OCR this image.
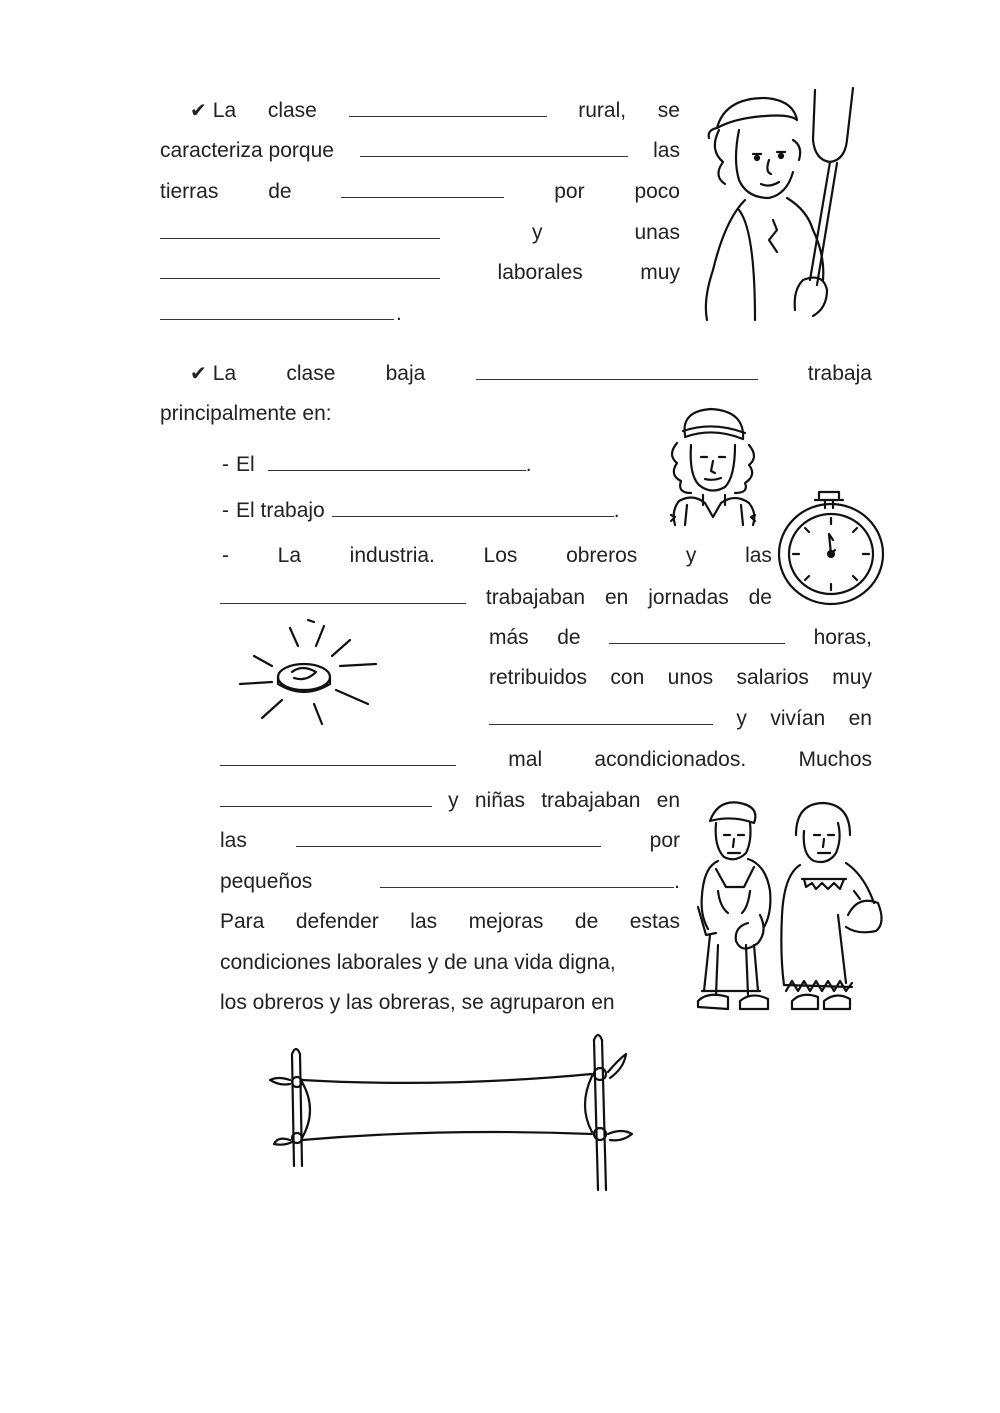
✔ La clase	rural, se
caracteriza porque	las
tierras de	por poco
y	unas
laborales	muy
.
✔ La clase baja	trabaja
principalmente en:
- El	.
- El trabajo	.
- La industria. Los obreros y las
trabajaban en jornadas de
más de	horas,
retribuidos con unos salarios muy
y vivían en
mal acondicionados. Muchos
y niñas trabajaban en
las	por
pequeños	.
Para defender las mejoras de estas
condiciones laborales y de una vida digna,
los obreros y las obreras, se agruparon en
